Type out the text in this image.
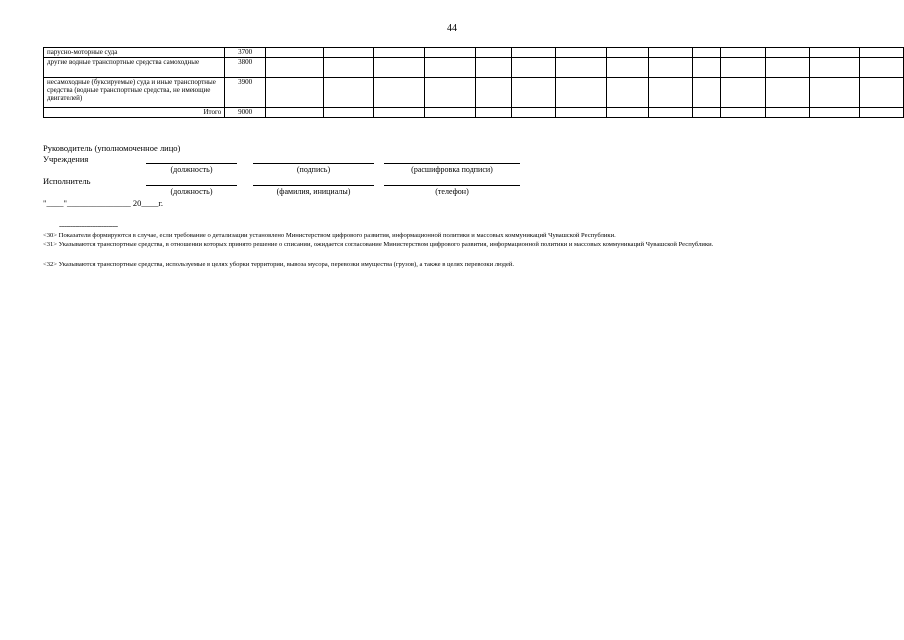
44
парусно-моторные суда	3700														
другие водные транспортные средства самоходные	3800														
несамоходные (буксируемые) суда и иные транспортные средства (водные транспортные средства, не имеющие двигателей)	3900														
Итого	9000														
Руководитель (уполномоченное лицо)
Учреждения
(должность)	(подпись)	(расшифровка подписи)
Исполнитель
(должность)	(фамилия, инициалы)	(телефон)
"____"_______________ 20____г.
--------------------------------
<30> Показатели формируются в случае, если требование о детализации установлено Министерством цифрового развития, информационной политики и массовых коммуникаций Чувашской Республики.
<31> Указываются транспортные средства, в отношении которых принято решение о списании, ожидается согласование Министерством цифрового развития, информационной политики и массовых коммуникаций Чувашской Республики.
<32> Указываются транспортные средства, используемые в целях уборки территории, вывоза мусора, перевозки имущества (грузов), а также в целях перевозки людей.
